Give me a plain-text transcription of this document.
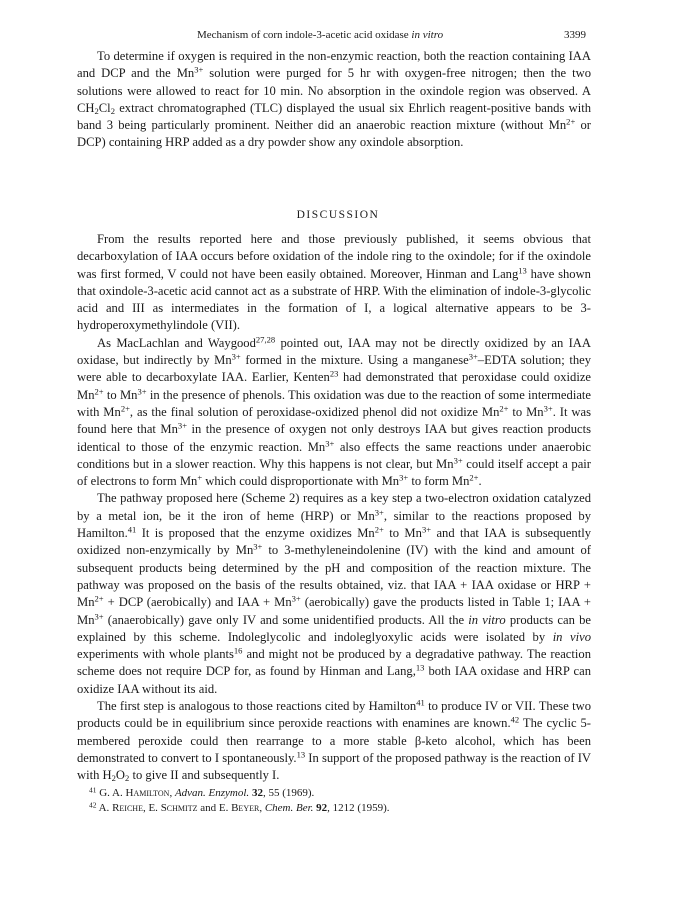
Mechanism of corn indole-3-acetic acid oxidase in vitro	3399

To determine if oxygen is required in the non-enzymic reaction, both the reaction containing IAA and DCP and the $Mn^{3+}$ solution were purged for 5 hr with oxygen-free nitrogen; then the two solutions were allowed to react for 10 min. No absorption in the oxindole region was observed. A $CH_2Cl_2$ extract chromatographed (TLC) displayed the usual six Ehrlich reagent-positive bands with band 3 being particularly prominent. Neither did an anaerobic reaction mixture (without $Mn^{2+}$ or DCP) containing HRP added as a dry powder show any oxindole absorption.

DISCUSSION

From the results reported here and those previously published, it seems obvious that decarboxylation of IAA occurs before oxidation of the indole ring to the oxindole; for if the oxindole was first formed, V could not have been easily obtained. Moreover, Hinman and Lang$^{13}$ have shown that oxindole-3-acetic acid cannot act as a substrate of HRP. With the elimination of indole-3-glycolic acid and III as intermediates in the formation of I, a logical alternative appears to be 3-hydroperoxymethylindole (VII).

As MacLachlan and Waygood$^{27,28}$ pointed out, IAA may not be directly oxidized by an IAA oxidase, but indirectly by $Mn^{3+}$ formed in the mixture. Using a manganese$^{3+}$–EDTA solution; they were able to decarboxylate IAA. Earlier, Kenten$^{23}$ had demonstrated that peroxidase could oxidize $Mn^{2+}$ to $Mn^{3+}$ in the presence of phenols. This oxidation was due to the reaction of some intermediate with $Mn^{2+}$, as the final solution of peroxidase-oxidized phenol did not oxidize $Mn^{2+}$ to $Mn^{3+}$. It was found here that $Mn^{3+}$ in the presence of oxygen not only destroys IAA but gives reaction products identical to those of the enzymic reaction. $Mn^{3+}$ also effects the same reactions under anaerobic conditions but in a slower reaction. Why this happens is not clear, but $Mn^{3+}$ could itself accept a pair of electrons to form Mn+ which could disproportionate with $Mn^{3+}$ to form $Mn^{2+}$.

The pathway proposed here (Scheme 2) requires as a key step a two-electron oxidation catalyzed by a metal ion, be it the iron of heme (HRP) or $Mn^{3+}$, similar to the reactions proposed by Hamilton.$^{41}$ It is proposed that the enzyme oxidizes $Mn^{2+}$ to $Mn^{3+}$ and that IAA is subsequently oxidized non-enzymically by $Mn^{3+}$ to 3-methyleneindolenine (IV) with the kind and amount of subsequent products being determined by the pH and composition of the reaction mixture. The pathway was proposed on the basis of the results obtained, viz. that IAA + IAA oxidase or HRP + $Mn^{2+}$ + DCP (aerobically) and IAA + $Mn^{3+}$ (aerobically) gave the products listed in Table 1; IAA + $Mn^{3+}$ (anaerobically) gave only IV and some unidentified products. All the in vitro products can be explained by this scheme. Indoleglycolic and indoleglyoxylic acids were isolated by in vivo experiments with whole plants$^{16}$ and might not be produced by a degradative pathway. The reaction scheme does not require DCP for, as found by Hinman and Lang,$^{13}$ both IAA oxidase and HRP can oxidize IAA without its aid.

The first step is analogous to those reactions cited by Hamilton$^{41}$ to produce IV or VII. These two products could be in equilibrium since peroxide reactions with enamines are known.$^{42}$ The cyclic 5-membered peroxide could then rearrange to a more stable β-keto alcohol, which has been demonstrated to convert to I spontaneously.$^{13}$ In support of the proposed pathway is the reaction of IV with $H_2O_2$ to give II and subsequently I.

$^{41}$ G. A. Hamilton, Advan. Enzymol. 32, 55 (1969).

$^{42}$ A. Reiche, E. Schmitz and E. Beyer, Chem. Ber. 92, 1212 (1959).
